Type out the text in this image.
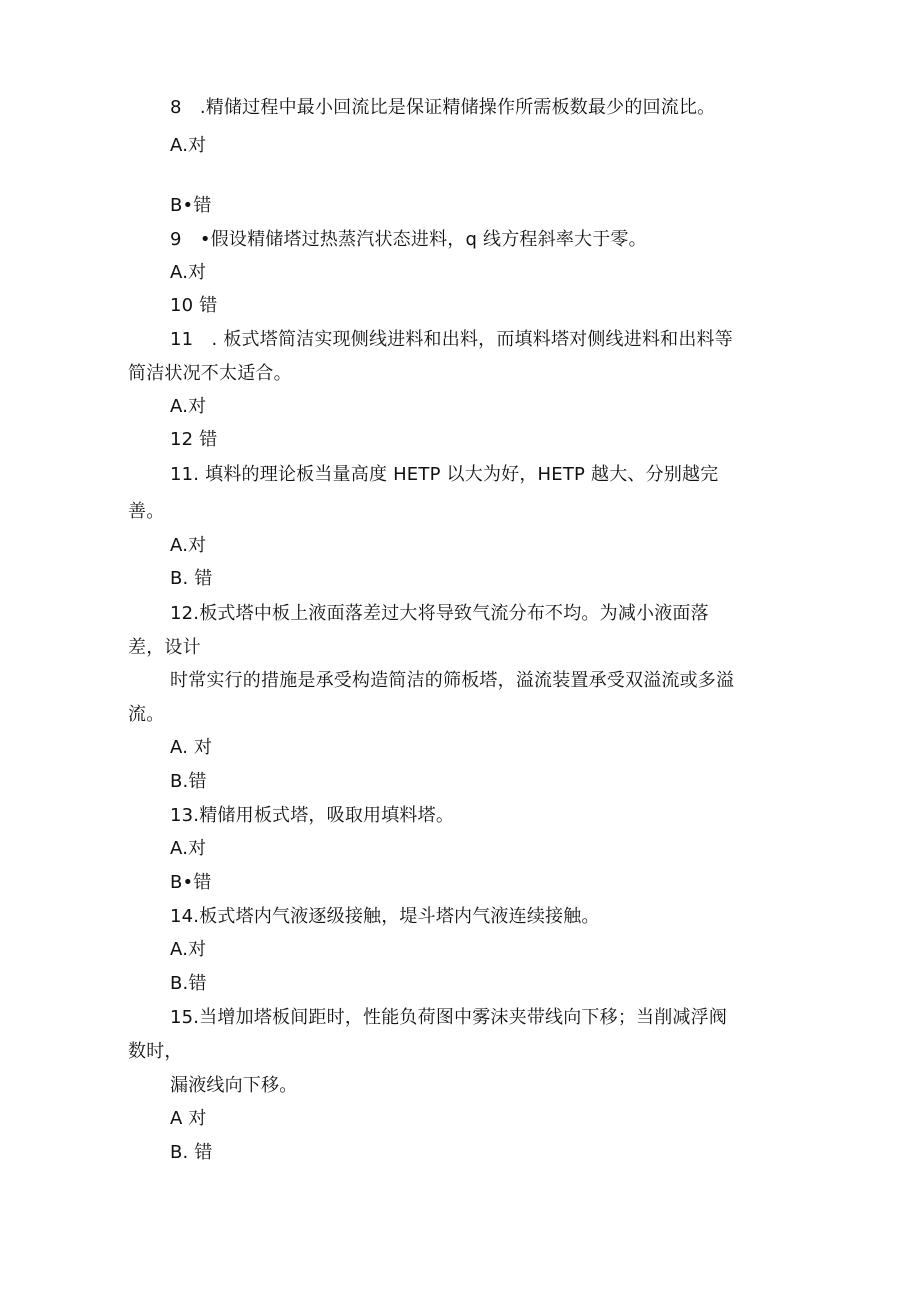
8　.精储过程中最小回流比是保证精储操作所需板数最少的回流比。
A.对
B•错
9　•假设精储塔过热蒸汽状态进料，q 线方程斜率大于零。
A.对
10 错
11　. 板式塔简洁实现侧线进料和出料，而填料塔对侧线进料和出料等
简洁状况不太适合。
A.对
12 错
11. 填料的理论板当量高度 HETP 以大为好，HETP 越大、分别越完
善。
A.对
B. 错
12.板式塔中板上液面落差过大将导致气流分布不均。为减小液面落
差，设计
时常实行的措施是承受构造简洁的筛板塔，溢流装置承受双溢流或多溢
流。
A. 对
B.错
13.精储用板式塔，吸取用填料塔。
A.对
B•错
14.板式塔内气液逐级接触，堤斗塔内气液连续接触。
A.对
B.错
15.当增加塔板间距时，性能负荷图中雾沫夹带线向下移；当削减浮阀
数时，
漏液线向下移。
A 对
B. 错
